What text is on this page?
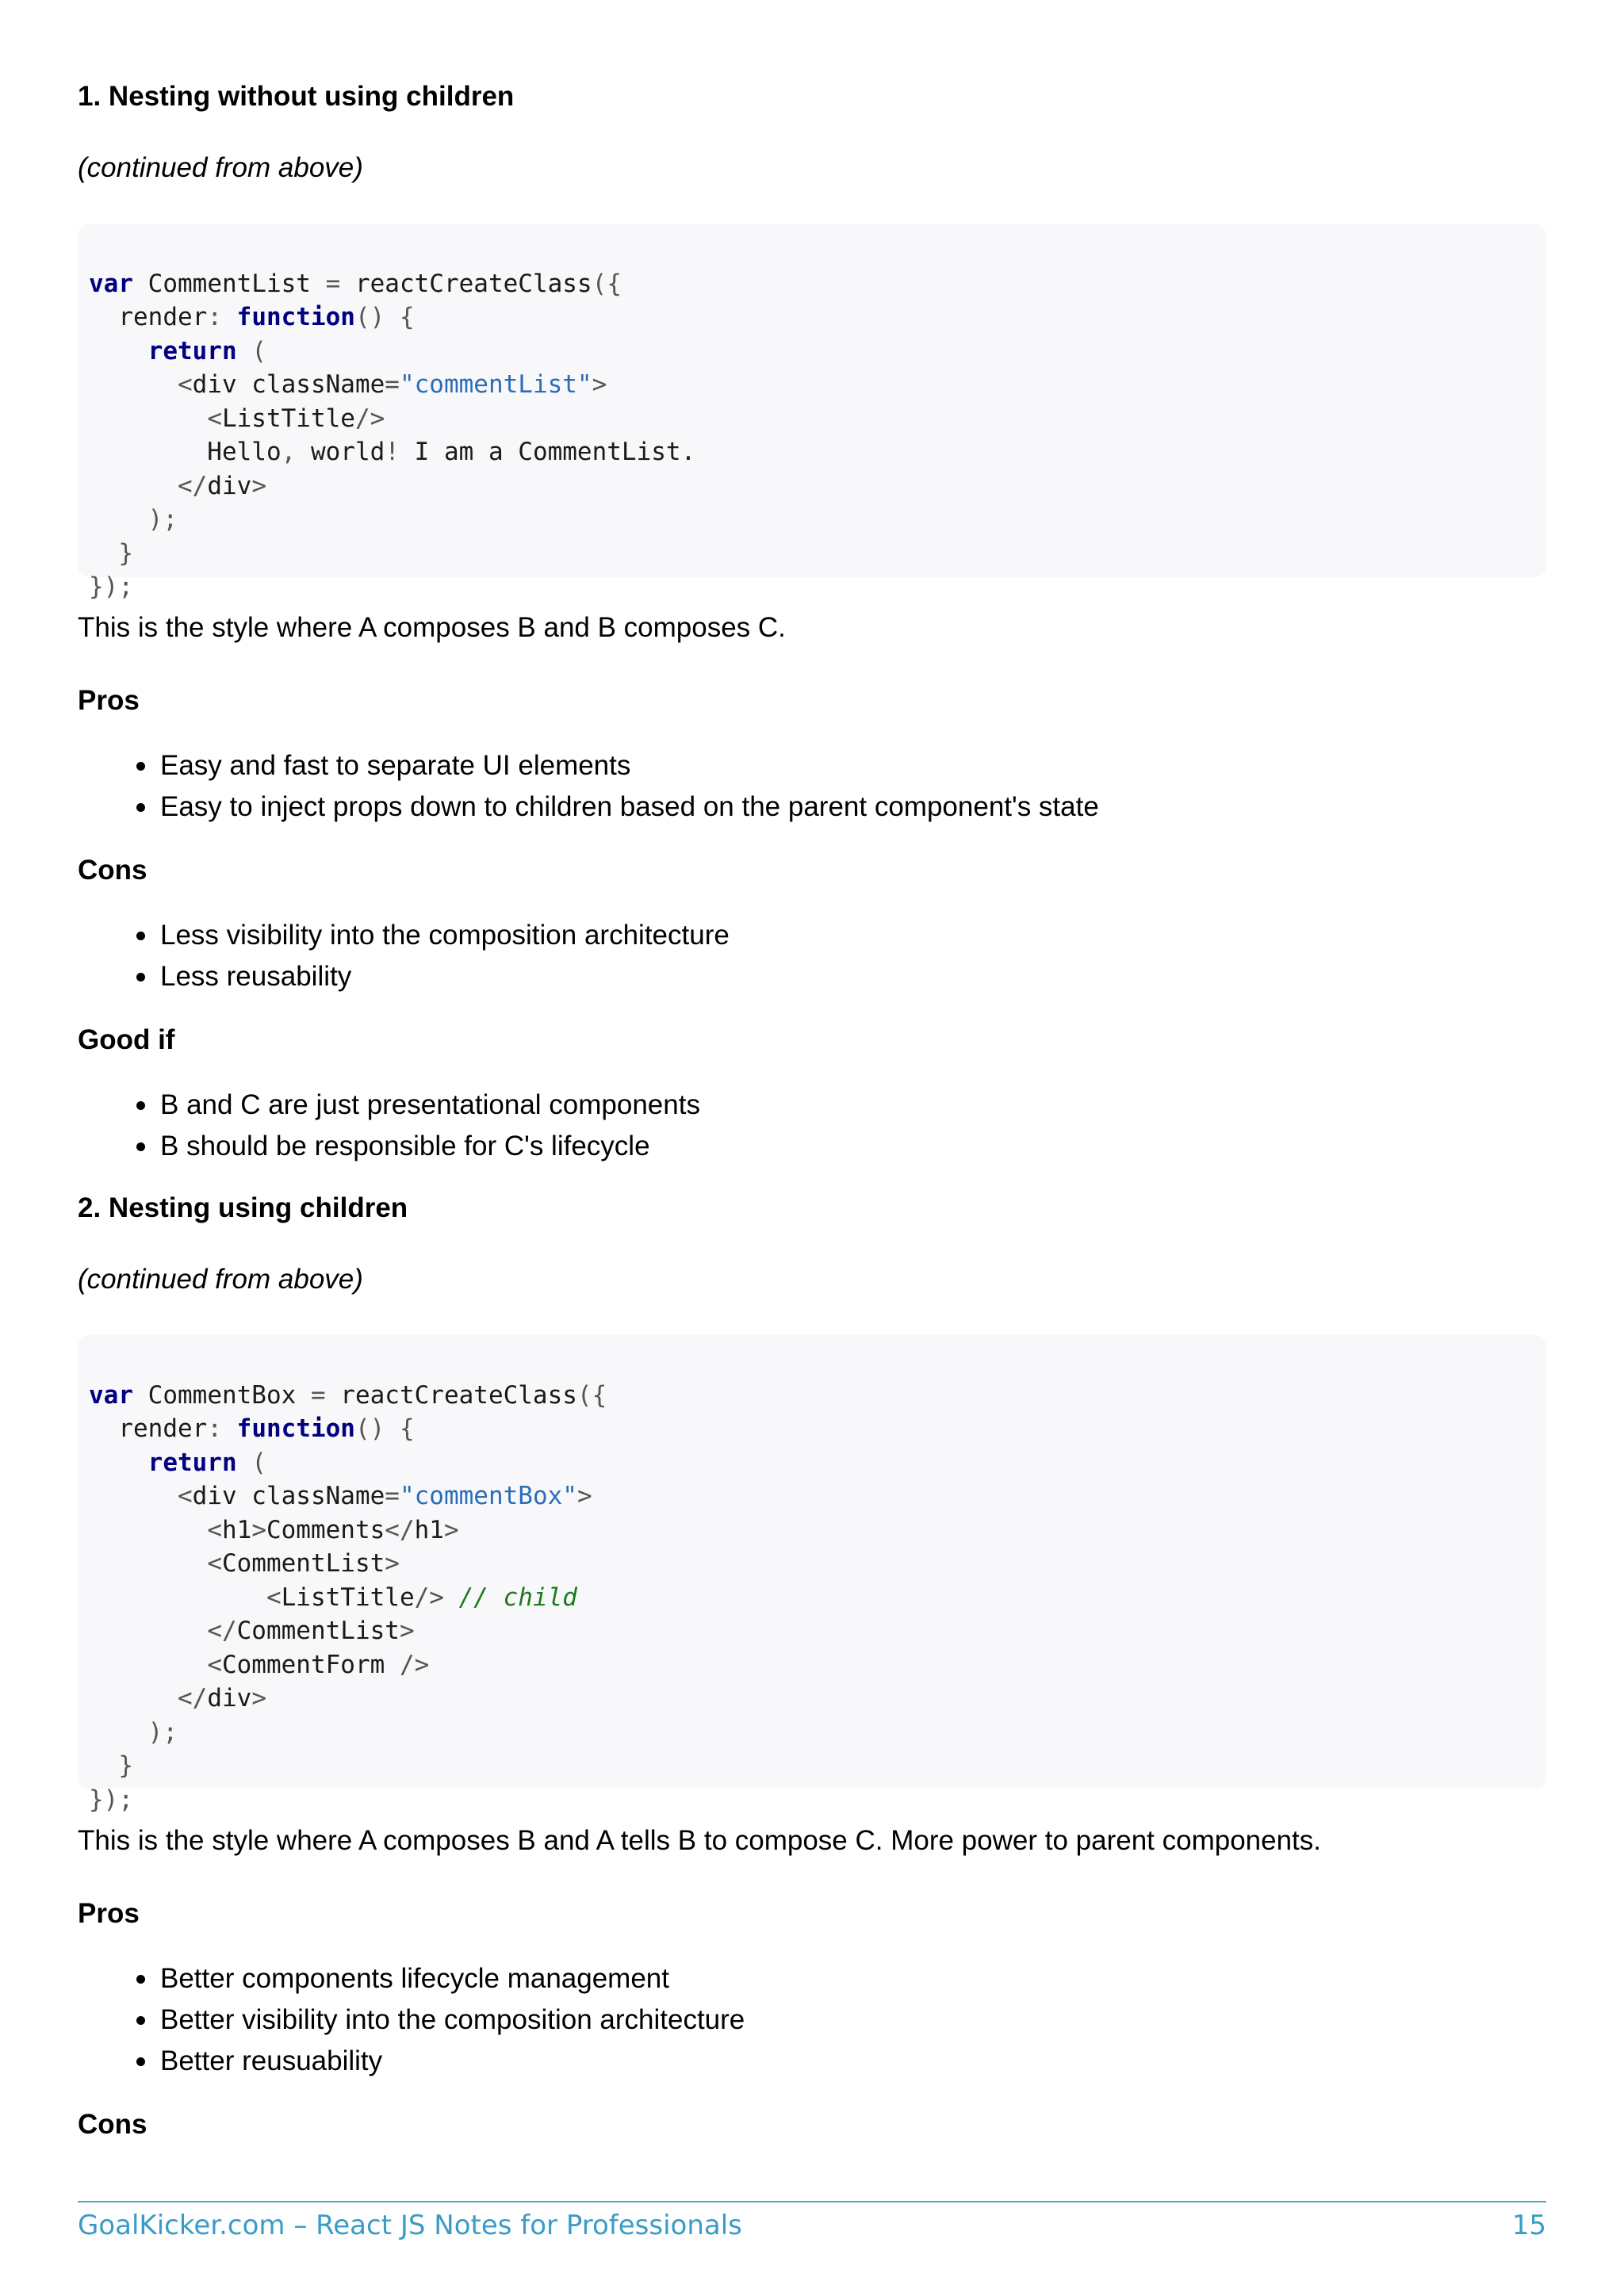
1. Nesting without using children
(continued from above)

var CommentList = reactCreateClass({
render: function() {
return (
<div className="commentList">
<ListTitle/>
Hello, world! I am a CommentList.
</div>
);
}
});
This is the style where A composes B and B composes C.
Pros
Easy and fast to separate UI elements
Easy to inject props down to children based on the parent component's state
Cons
Less visibility into the composition architecture
Less reusability
Good if
B and C are just presentational components
B should be responsible for C's lifecycle
2. Nesting using children
(continued from above)

var CommentBox = reactCreateClass({
render: function() {
return (
<div className="commentBox">
<h1>Comments</h1>
<CommentList>
<ListTitle/> // child
</CommentList>
<CommentForm />
</div>
);
}
});
This is the style where A composes B and A tells B to compose C. More power to parent components.
Pros
Better components lifecycle management
Better visibility into the composition architecture
Better reusuability
Cons
GoalKicker.com – React JS Notes for Professionals	15
